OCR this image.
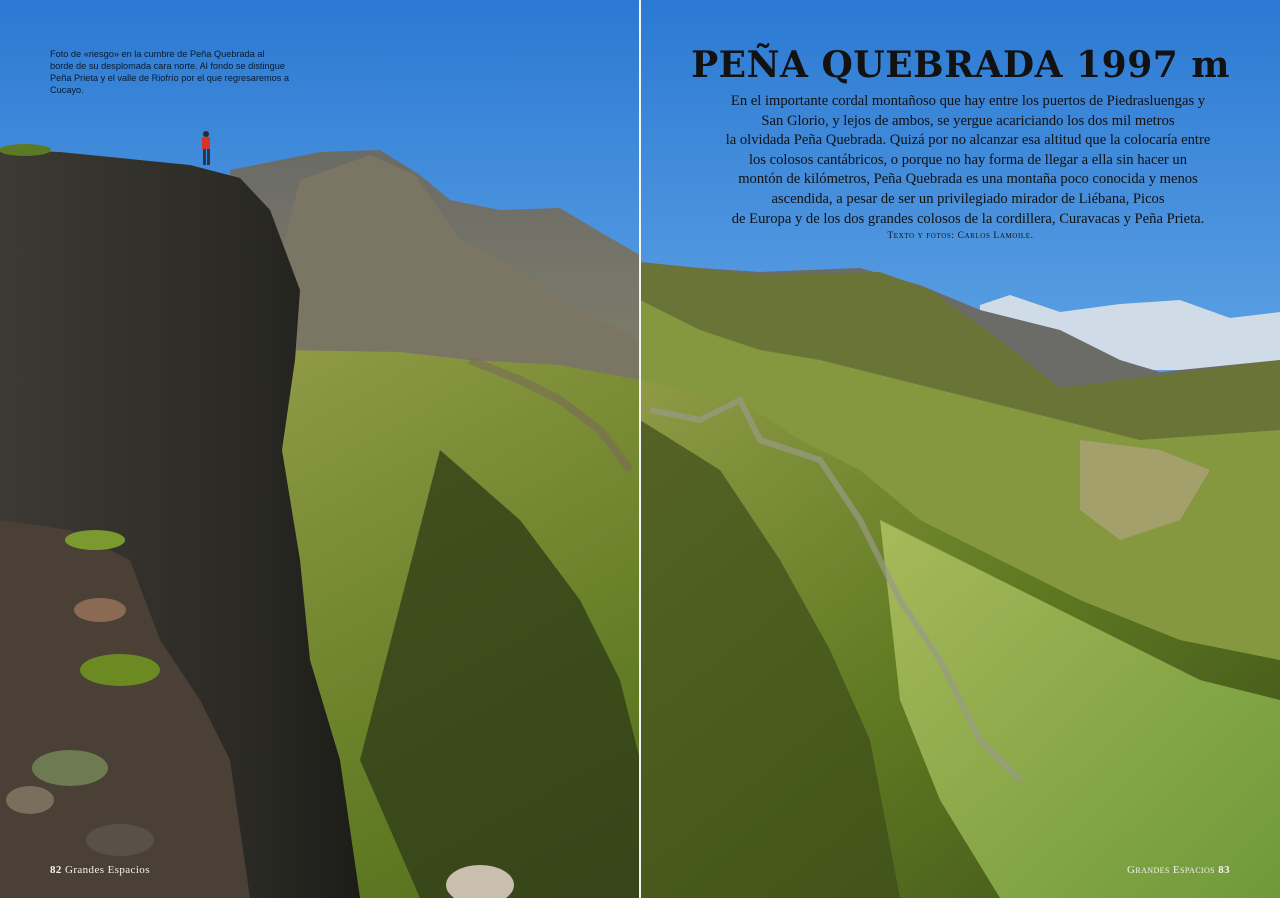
Foto de «riesgo» en la cumbre de Peña Quebrada al borde de su desplomada cara norte. Al fondo se distingue Peña Prieta y el valle de Riofrío por el que regresaremos a Cucayo.
82 Grandes Espacios
PEÑA QUEBRADA 1997 m

En el importante cordal montañoso que hay entre los puertos de Piedrasluengas y

San Glorio, y lejos de ambos, se yergue acariciando los dos mil metros

la olvidada Peña Quebrada. Quizá por no alcanzar esa altitud que la colocaría entre

los colosos cantábricos, o porque no hay forma de llegar a ella sin hacer un

montón de kilómetros, Peña Quebrada es una montaña poco conocida y menos

ascendida, a pesar de ser un privilegiado mirador de Liébana, Picos

de Europa y de los dos grandes colosos de la cordillera, Curavacas y Peña Prieta.

Texto y fotos: Carlos Lamoile.
Grandes Espacios 83
